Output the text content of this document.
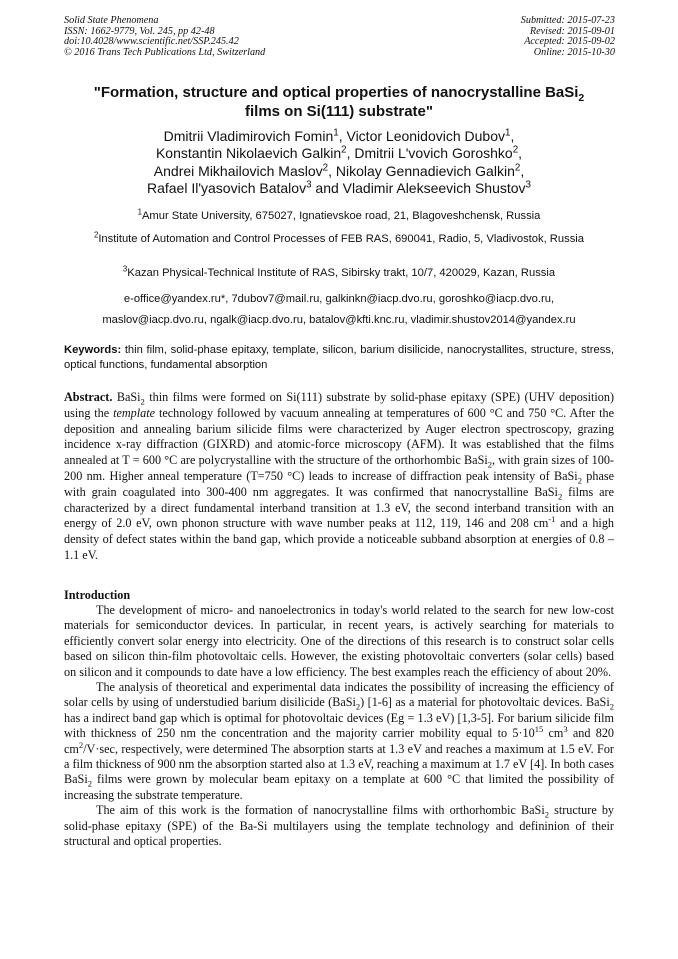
Solid State Phenomena
ISSN: 1662-9779, Vol. 245, pp 42-48
doi:10.4028/www.scientific.net/SSP.245.42
© 2016 Trans Tech Publications Ltd, Switzerland
Submitted: 2015-07-23
Revised: 2015-09-01
Accepted: 2015-09-02
Online: 2015-10-30
"Formation, structure and optical properties of nanocrystalline BaSi$_2$
films on Si(111) substrate"
Dmitrii Vladimirovich Fomin$^1$, Victor Leonidovich Dubov$^1$,
Konstantin Nikolaevich Galkin$^2$, Dmitrii L'vovich Goroshko$^2$,
Andrei Mikhailovich Maslov$^2$, Nikolay Gennadievich Galkin$^2$,
Rafael Il'yasovich Batalov$^3$ and Vladimir Alekseevich Shustov$^3$
$^1$Amur State University, 675027, Ignatievskoe road, 21, Blagoveshchensk, Russia
$^2$Institute of Automation and Control Processes of FEB RAS, 690041, Radio, 5, Vladivostok, Russia
$^3$Kazan Physical-Technical Institute of RAS, Sibirsky trakt, 10/7, 420029, Kazan, Russia
e-office@yandex.ru*, 7dubov7@mail.ru, galkinkn@iacp.dvo.ru, goroshko@iacp.dvo.ru,
maslov@iacp.dvo.ru, ngalk@iacp.dvo.ru, batalov@kfti.knc.ru, vladimir.shustov2014@yandex.ru
Keywords: thin film, solid-phase epitaxy, template, silicon, barium disilicide, nanocrystallites, structure, stress, optical functions, fundamental absorption
Abstract. BaSi$_2$ thin films were formed on Si(111) substrate by solid-phase epitaxy (SPE) (UHV deposition) using the template technology followed by vacuum annealing at temperatures of 600 °C and 750 °C. After the deposition and annealing barium silicide films were characterized by Auger electron spectroscopy, grazing incidence x-ray diffraction (GIXRD) and atomic-force microscopy (AFM). It was established that the films annealed at T = 600 °C are polycrystalline with the structure of the orthorhombic BaSi$_2$, with grain sizes of 100-200 nm. Higher anneal temperature (T=750 °C) leads to increase of diffraction peak intensity of BaSi$_2$ phase with grain coagulated into 300-400 nm aggregates. It was confirmed that nanocrystalline BaSi$_2$ films are characterized by a direct fundamental interband transition at 1.3 eV, the second interband transition with an energy of 2.0 eV, own phonon structure with wave number peaks at 112, 119, 146 and 208 $cm^{-1}$ and a high density of defect states within the band gap, which provide a noticeable subband absorption at energies of 0.8 – 1.1 eV.
Introduction

The development of micro- and nanoelectronics in today's world related to the search for new low-cost materials for semiconductor devices. In particular, in recent years, is actively searching for materials to efficiently convert solar energy into electricity. One of the directions of this research is to construct solar cells based on silicon thin-film photovoltaic cells. However, the existing photovoltaic converters (solar cells) based on silicon and it compounds to date have a low efficiency. The best examples reach the efficiency of about 20%.

The analysis of theoretical and experimental data indicates the possibility of increasing the efficiency of solar cells by using of understudied barium disilicide (BaSi$_2$) [1-6] as a material for photovoltaic devices. BaSi$_2$ has a indirect band gap which is optimal for photovoltaic devices (Eg = 1.3 eV) [1,3-5]. For barium silicide film with thickness of 250 nm the concentration and the majority carrier mobility equal to $5\cdot 10^{15}$ $cm^3$ and 820 $cm^2/V\cdot\sec$, respectively, were determined The absorption starts at 1.3 eV and reaches a maximum at 1.5 eV. For a film thickness of 900 nm the absorption started also at 1.3 eV, reaching a maximum at 1.7 eV [4]. In both cases BaSi$_2$ films were grown by molecular beam epitaxy on a template at 600 °C that limited the possibility of increasing the substrate temperature.

The aim of this work is the formation of nanocrystalline films with orthorhombic BaSi$_2$ structure by solid-phase epitaxy (SPE) of the Ba-Si multilayers using the template technology and defininion of their structural and optical properties.
